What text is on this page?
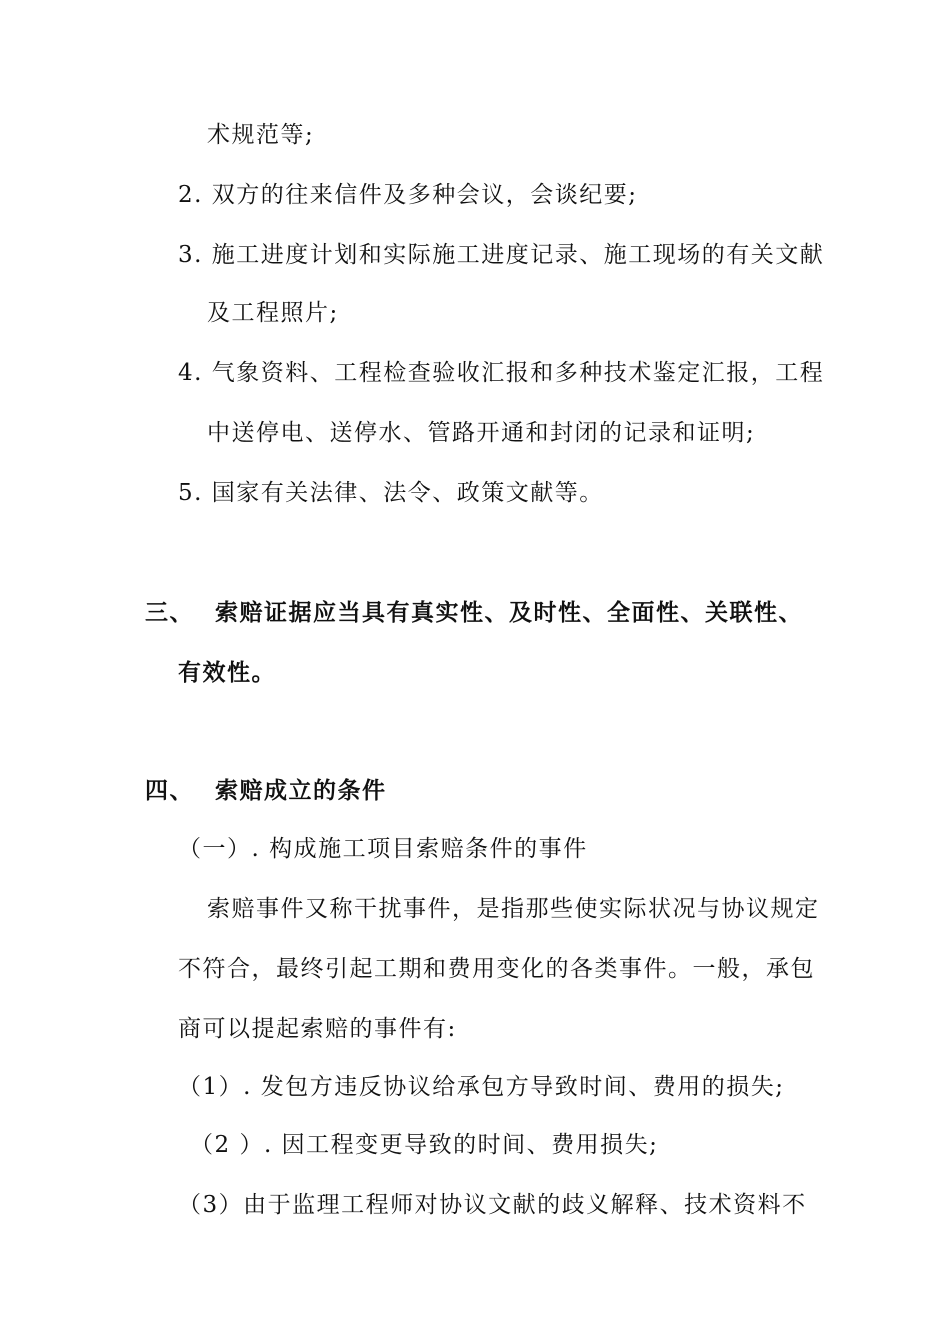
术规范等;
2. 双方的往来信件及多种会议，会谈纪要;
3. 施工进度计划和实际施工进度记录、施工现场的有关文献
及工程照片;
4. 气象资料、工程检查验收汇报和多种技术鉴定汇报，工程
中送停电、送停水、管路开通和封闭的记录和证明;
5. 国家有关法律、法令、政策文献等。
三、 索赔证据应当具有真实性、及时性、全面性、关联性、
有效性。
四、 索赔成立的条件
（一）. 构成施工项目索赔条件的事件
索赔事件又称干扰事件，是指那些使实际状况与协议规定
不符合，最终引起工期和费用变化的各类事件。一般，承包
商可以提起索赔的事件有:
（1）. 发包方违反协议给承包方导致时间、费用的损失;
（2 ）. 因工程变更导致的时间、费用损失;
（3）由于监理工程师对协议文献的歧义解释、技术资料不
